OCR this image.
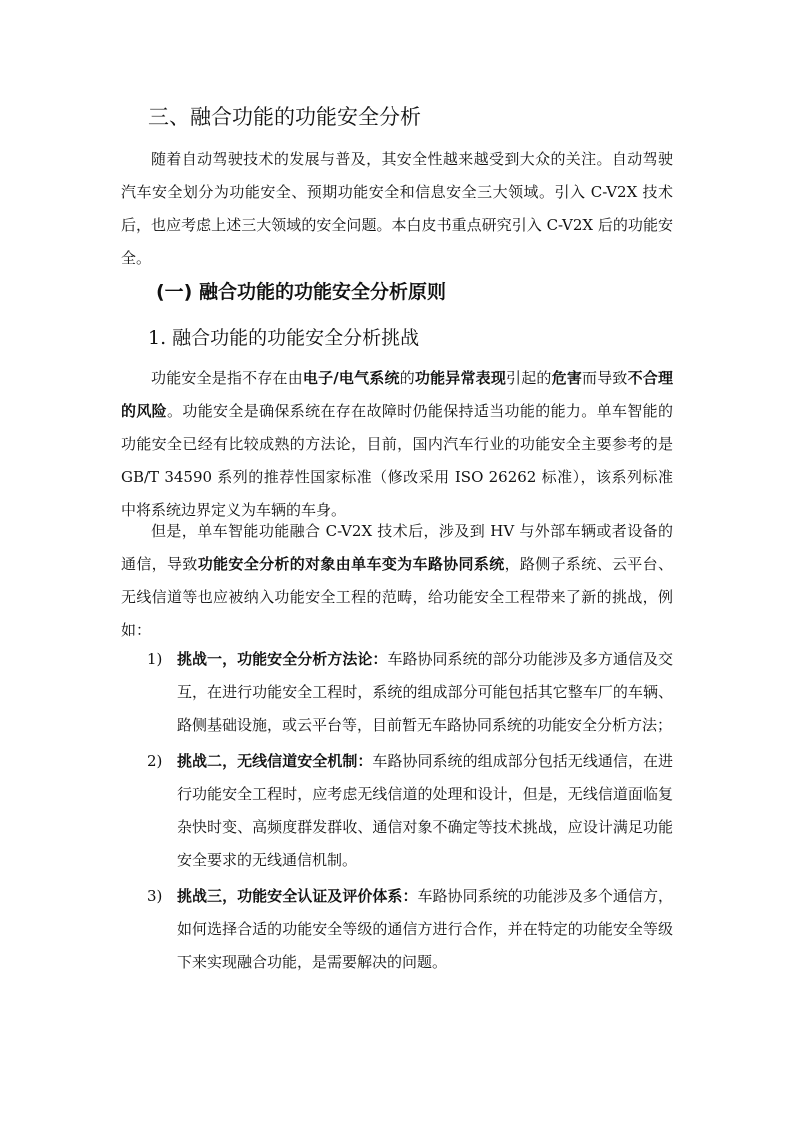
三、融合功能的功能安全分析

随着自动驾驶技术的发展与普及，其安全性越来越受到大众的关注。自动驾驶汽车安全划分为功能安全、预期功能安全和信息安全三大领域。引入 C-V2X 技术后，也应考虑上述三大领域的安全问题。本白皮书重点研究引入 C-V2X 后的功能安全。

(一) 融合功能的功能安全分析原则
1. 融合功能的功能安全分析挑战

功能安全是指不存在由电子/电气系统的功能异常表现引起的危害而导致不合理的风险。功能安全是确保系统在存在故障时仍能保持适当功能的能力。单车智能的功能安全已经有比较成熟的方法论，目前，国内汽车行业的功能安全主要参考的是 GB/T 34590 系列的推荐性国家标准（修改采用 ISO 26262 标准），该系列标准中将系统边界定义为车辆的车身。

但是，单车智能功能融合 C-V2X 技术后，涉及到 HV 与外部车辆或者设备的通信，导致功能安全分析的对象由单车变为车路协同系统，路侧子系统、云平台、无线信道等也应被纳入功能安全工程的范畴，给功能安全工程带来了新的挑战，例如：

1) 挑战一，功能安全分析方法论：车路协同系统的部分功能涉及多方通信及交互，在进行功能安全工程时，系统的组成部分可能包括其它整车厂的车辆、路侧基础设施，或云平台等，目前暂无车路协同系统的功能安全分析方法；
2) 挑战二，无线信道安全机制：车路协同系统的组成部分包括无线通信，在进行功能安全工程时，应考虑无线信道的处理和设计，但是，无线信道面临复杂快时变、高频度群发群收、通信对象不确定等技术挑战，应设计满足功能安全要求的无线通信机制。
3) 挑战三，功能安全认证及评价体系：车路协同系统的功能涉及多个通信方，如何选择合适的功能安全等级的通信方进行合作，并在特定的功能安全等级下来实现融合功能，是需要解决的问题。
